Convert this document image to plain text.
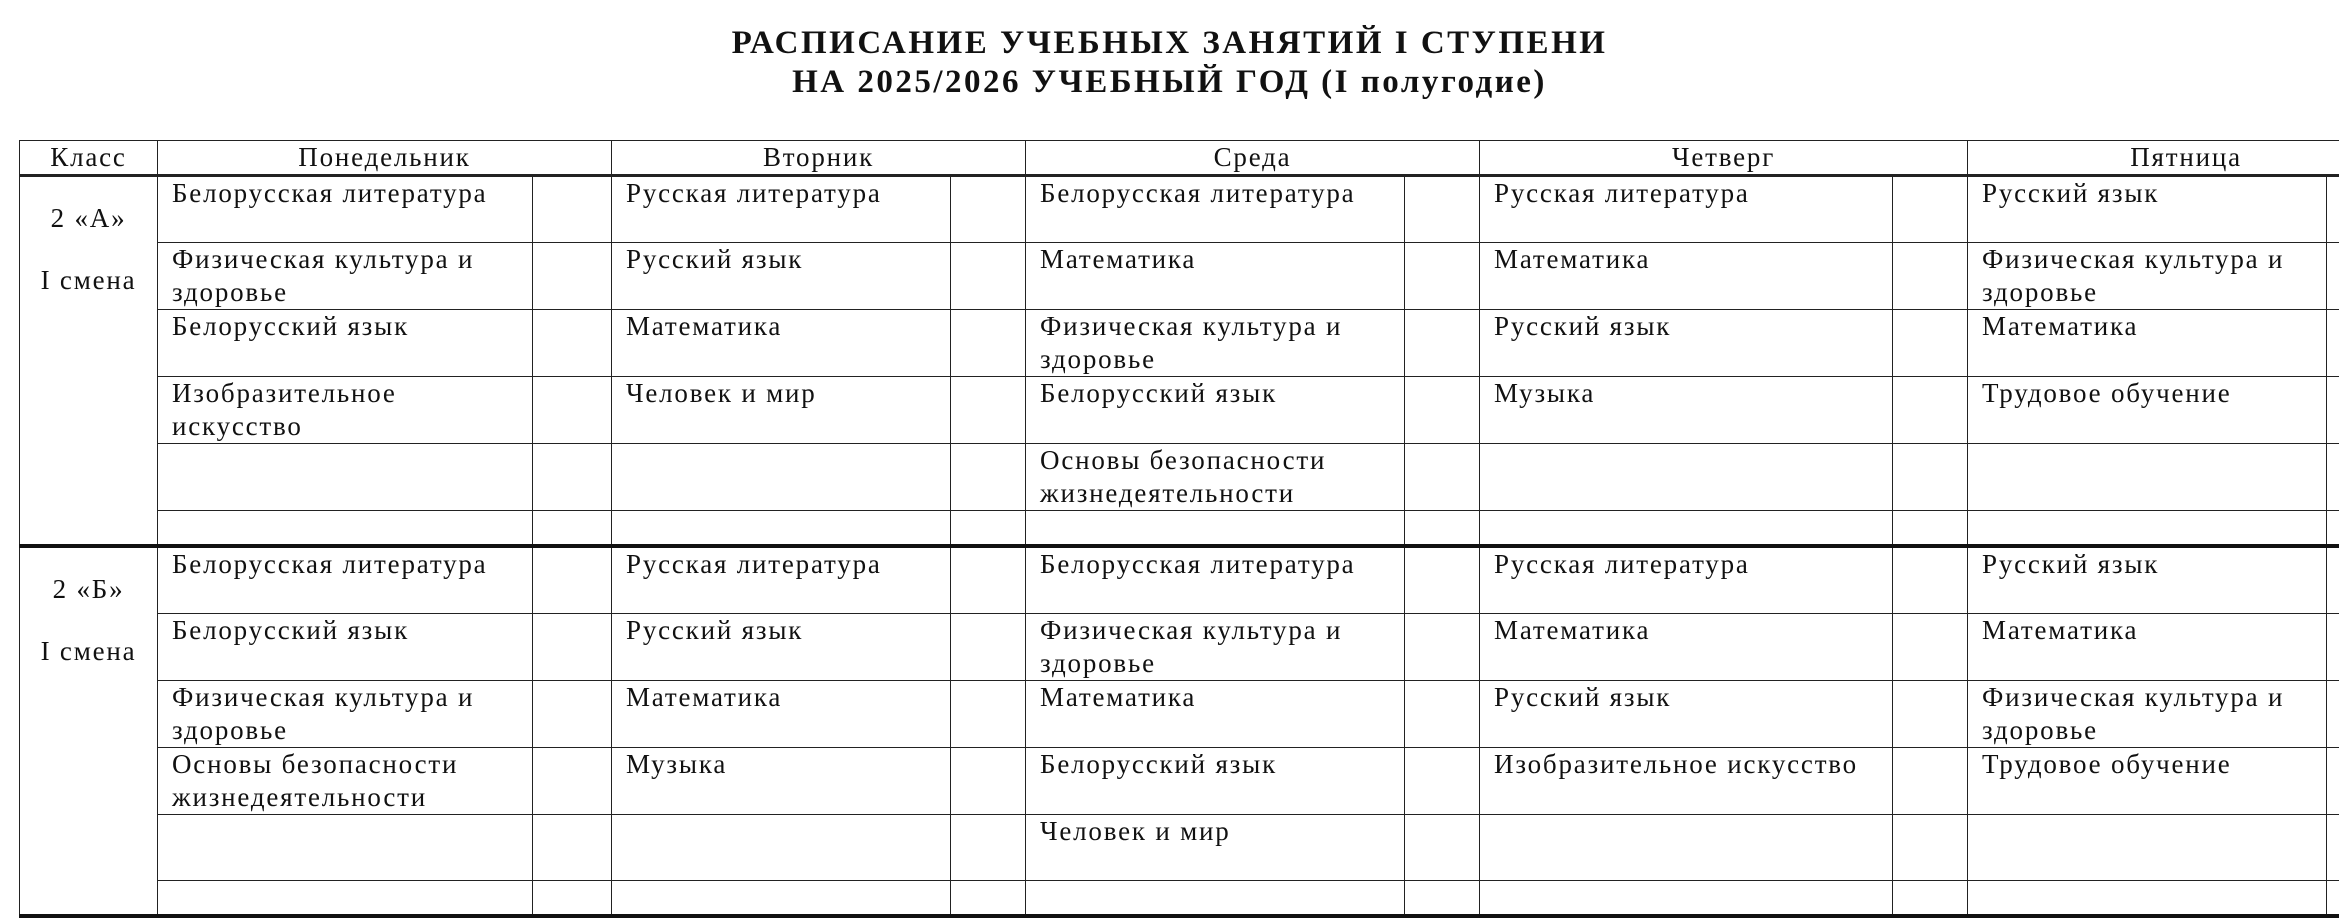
РАСПИСАНИЕ УЧЕБНЫХ ЗАНЯТИЙ I СТУПЕНИ
НА 2025/2026 УЧЕБНЫЙ ГОД (I полугодие)
Класс	Понедельник		Вторник		Среда		Четверг		Пятница	

2 «А»
I смена	Белорусская литература		Русская литература		Белорусская литература		Русская литература		Русский язык	
	Физическая культура и здоровье		Русский язык		Математика		Математика		Физическая культура и здоровье	
	Белорусский язык		Математика		Физическая культура и здоровье		Русский язык		Математика	
	Изобразительное искусство		Человек и мир		Белорусский язык		Музыка		Трудовое обучение	
					Основы безопасности жизнедеятельности					

2 «Б»
I смена	Белорусская литература		Русская литература		Белорусская литература		Русская литература		Русский язык	
	Белорусский язык		Русский язык		Физическая культура и здоровье		Математика		Математика	
	Физическая культура и здоровье		Математика		Математика		Русский язык		Физическая культура и здоровье	
	Основы безопасности жизнедеятельности		Музыка		Белорусский язык		Изобразительное искусство		Трудовое обучение	
					Человек и мир					
